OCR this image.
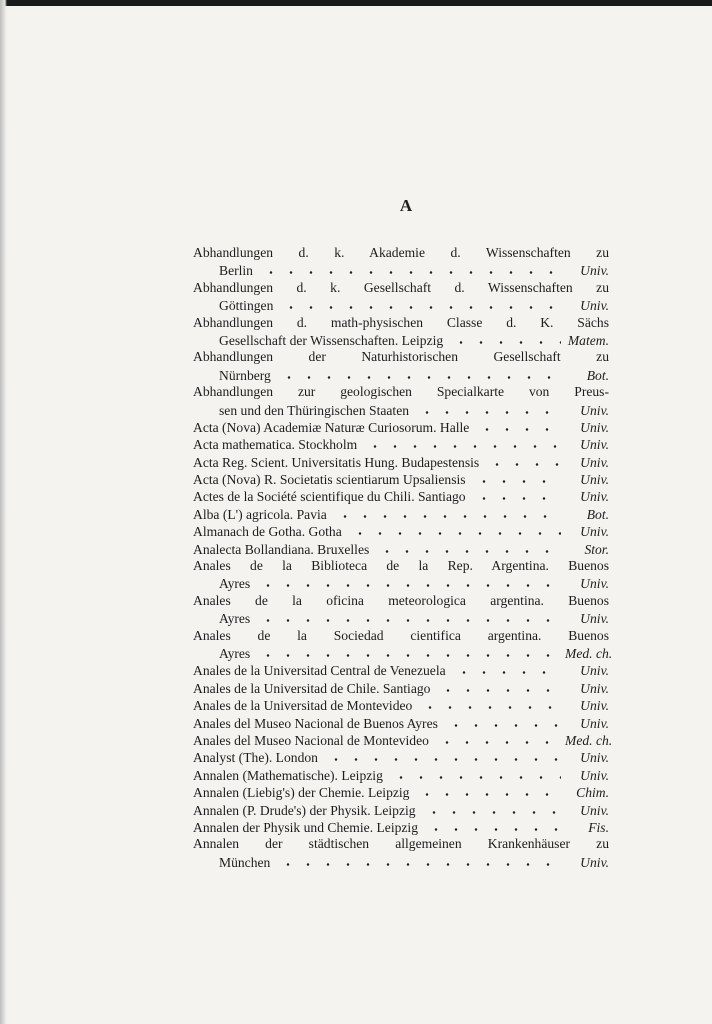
A
Abhandlungen d. k. Akademie d. Wissenschaften zu
Berlin	Univ.
Abhandlungen d. k. Gesellschaft d. Wissenschaften zu
Göttingen	Univ.
Abhandlungen d. math-physischen Classe d. K. Sächs
Gesellschaft der Wissenschaften. Leipzig	Matem.
Abhandlungen der Naturhistorischen Gesellschaft zu
Nürnberg	Bot.
Abhandlungen zur geologischen Specialkarte von Preus-
sen und den Thüringischen Staaten	Univ.
Acta (Nova) Academiæ Naturæ Curiosorum. Halle	Univ.
Acta mathematica. Stockholm	Univ.
Acta Reg. Scient. Universitatis Hung. Budapestensis	Univ.
Acta (Nova) R. Societatis scientiarum Upsaliensis	Univ.
Actes de la Société scientifique du Chili. Santiago	Univ.
Alba (L') agricola. Pavia	Bot.
Almanach de Gotha. Gotha	Univ.
Analecta Bollandiana. Bruxelles	Stor.
Anales de la Biblioteca de la Rep. Argentina. Buenos
Ayres	Univ.
Anales de la oficina meteorologica argentina. Buenos
Ayres	Univ.
Anales de la Sociedad cientifica argentina. Buenos
Ayres	Med. ch.
Anales de la Universitad Central de Venezuela	Univ.
Anales de la Universitad de Chile. Santiago	Univ.
Anales de la Universitad de Montevideo	Univ.
Anales del Museo Nacional de Buenos Ayres	Univ.
Anales del Museo Nacional de Montevideo	Med. ch.
Analyst (The). London	Univ.
Annalen (Mathematische). Leipzig	Univ.
Annalen (Liebig's) der Chemie. Leipzig	Chim.
Annalen (P. Drude's) der Physik. Leipzig	Univ.
Annalen der Physik und Chemie. Leipzig	Fis.
Annalen der städtischen allgemeinen Krankenhäuser zu
München	Univ.
